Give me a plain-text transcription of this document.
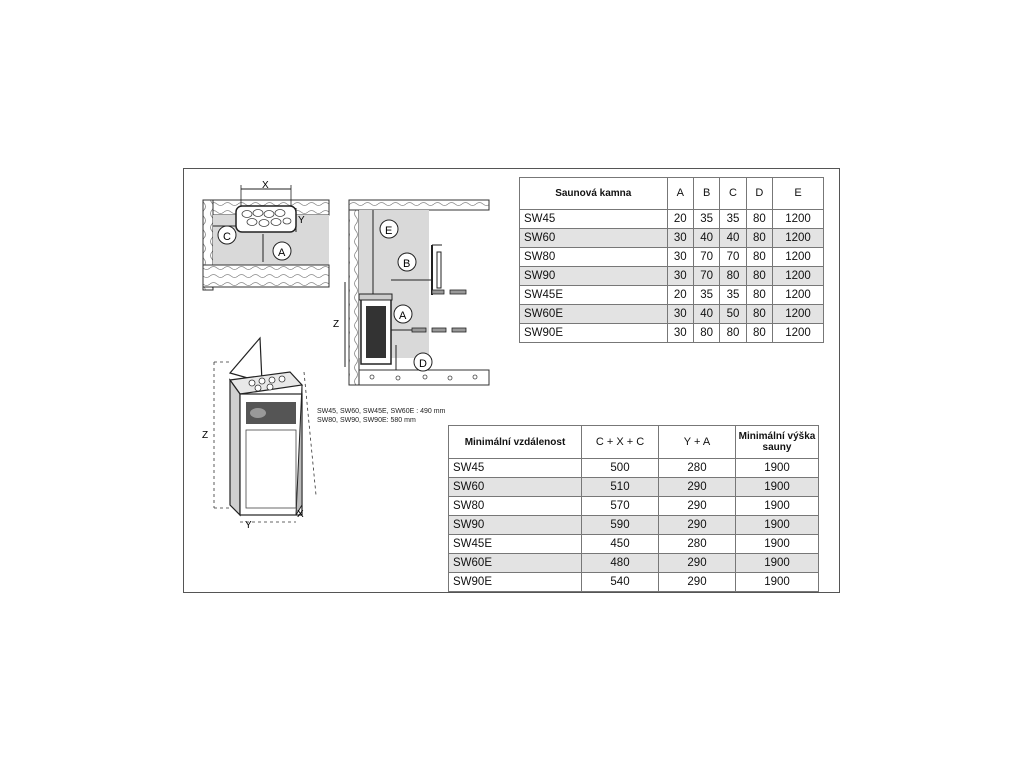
X
Y
A
C	E
B
A
D
Z
Z
Y
X
SW45, SW60, SW45E, SW60E : 490 mm
SW80, SW90, SW90E: 580 mm
Saunová kamna	A	B	C	D	E
SW45	20	35	35	80	1200
SW60	30	40	40	80	1200
SW80	30	70	70	80	1200
SW90	30	70	80	80	1200
SW45E	20	35	35	80	1200
SW60E	30	40	50	80	1200
SW90E	30	80	80	80	1200
Minimální vzdálenost	C + X + C	Y + A	Minimální výška sauny
SW45	500	280	1900
SW60	510	290	1900
SW80	570	290	1900
SW90	590	290	1900
SW45E	450	280	1900
SW60E	480	290	1900
SW90E	540	290	1900
